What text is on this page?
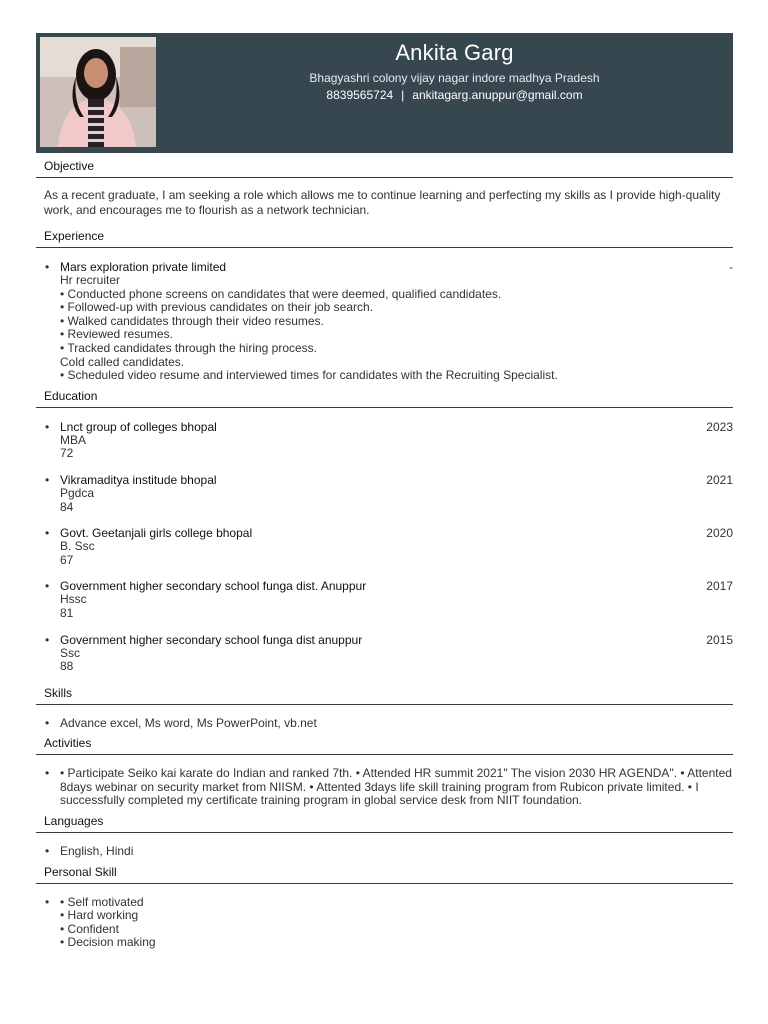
Ankita Garg
Bhagyashri colony vijay nagar indore madhya Pradesh
8839565724 | ankitagarg.anuppur@gmail.com
Objective
As a recent graduate, I am seeking a role which allows me to continue learning and perfecting my skills as I provide high-quality work, and encourages me to flourish as a network technician.
Experience
• Mars exploration private limited	-
Hr recruiter
• Conducted phone screens on candidates that were deemed, qualified candidates.
• Followed-up with previous candidates on their job search.
• Walked candidates through their video resumes.
• Reviewed resumes.
• Tracked candidates through the hiring process.
Cold called candidates.
• Scheduled video resume and interviewed times for candidates with the Recruiting Specialist.
Education
• Lnct group of colleges bhopal	2023
MBA
72
• Vikramaditya institude bhopal	2021
Pgdca
84
• Govt. Geetanjali girls college bhopal	2020
B. Ssc
67
• Government higher secondary school funga dist. Anuppur	2017
Hssc
81
• Government higher secondary school funga dist anuppur	2015
Ssc
88
Skills
• Advance excel, Ms word, Ms PowerPoint, vb.net
Activities
• • Participate Seiko kai karate do Indian and ranked 7th. • Attended HR summit 2021" The vision 2030 HR AGENDA". • Attented 8days webinar on security market from NIISM. • Attented 3days life skill training program from Rubicon private limited. • I successfully completed my certificate training program in global service desk from NIIT foundation.
Languages
• English, Hindi
Personal Skill
• • Self motivated
• Hard working
• Confident
• Decision making
